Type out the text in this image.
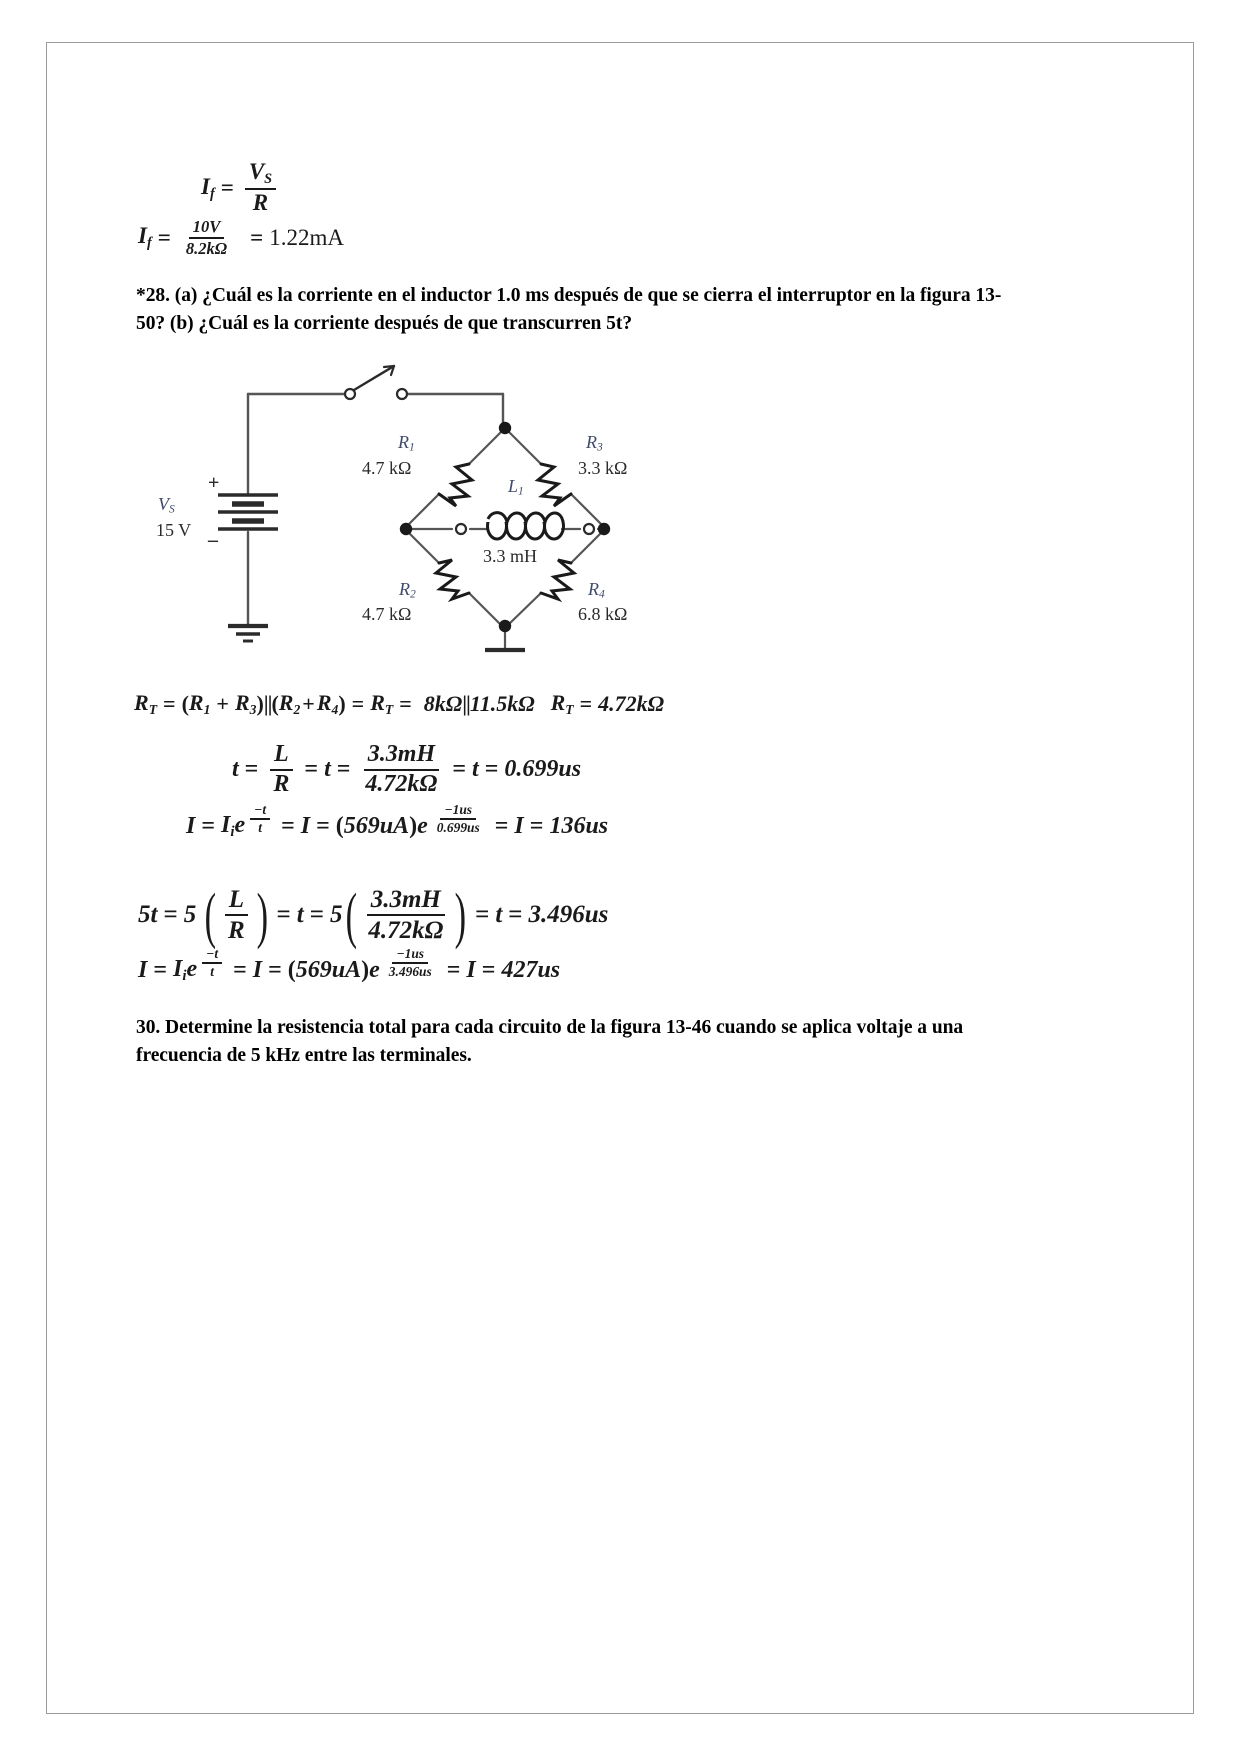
$I_f = \frac{V_S}{R}$
$I_f = \frac{10V}{8.2k\Omega} = 1.22mA$
*28. (a) ¿Cuál es la corriente en el inductor 1.0 ms después de que se cierra el interruptor en la figura 13-
50? (b) ¿Cuál es la corriente después de que transcurren 5t?
$V_S$
15 V
+
_
$R_1$
4.7 kΩ
$R_3$
3.3 kΩ
$L_1$
3.3 mH
$R_2$
4.7 kΩ
$R_4$
6.8 kΩ
$R_T$ = ( $R_1 + R_3$ ) || ( $R_2 + R_4$ ) = $R_T = 8k\Omega$ || 11.5kΩ $R_T = 4.72k\Omega$
$t = \frac{L}{R} = t = \frac{3.3mH}{4.72k\Omega} = t = 0.699us$
$I = I_ie \frac{-t}{t} = I$ = ( 569uA ) e $\frac{-1us}{0.699us} = I = 136us$
5t = 5 ( $\frac{L}{R}$ ) = t = 5 ( $\frac{3.3mH}{4.72k\Omega}$ ) = t = 3.496us
$I = I_ie \frac{-t}{t} = I$ = ( 569uA ) e $\frac{-1us}{3.496us} = I = 427us$
30. Determine la resistencia total para cada circuito de la figura 13-46 cuando se aplica voltaje a una
frecuencia de 5 kHz entre las terminales.
